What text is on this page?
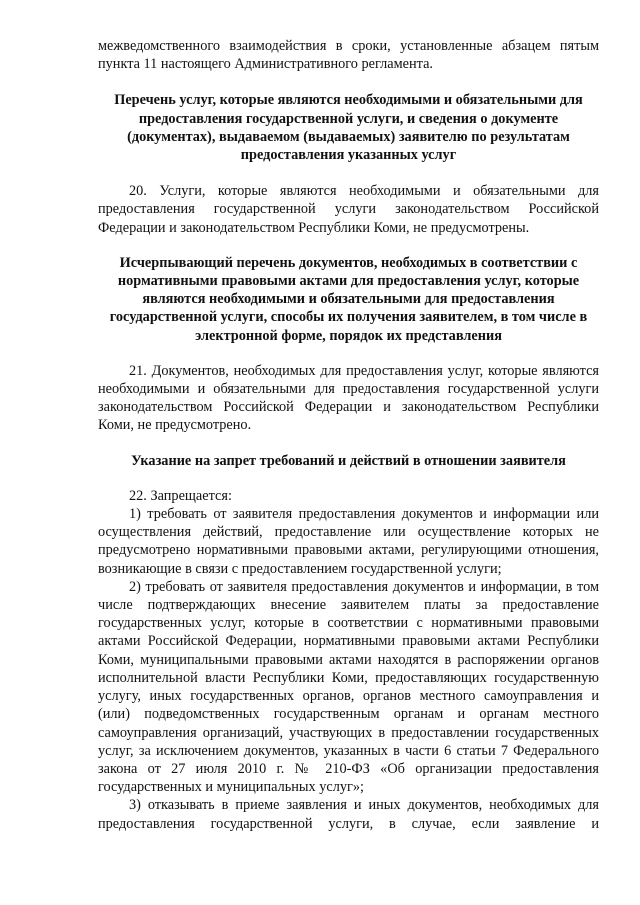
межведомственного взаимодействия в сроки, установленные абзацем пятым пункта 11 настоящего Административного регламента.

Перечень услуг, которые являются необходимыми и обязательными для предоставления государственной услуги, и сведения о документе (документах), выдаваемом (выдаваемых) заявителю по результатам предоставления указанных услуг

20. Услуги, которые являются необходимыми и обязательными для предоставления государственной услуги законодательством Российской Федерации и законодательством Республики Коми, не предусмотрены.

Исчерпывающий перечень документов, необходимых в соответствии с нормативными правовыми актами для предоставления услуг, которые являются необходимыми и обязательными для предоставления государственной услуги, способы их получения заявителем, в том числе в электронной форме, порядок их представления

21. Документов, необходимых для предоставления услуг, которые являются необходимыми и обязательными для предоставления государственной услуги законодательством Российской Федерации и законодательством Республики Коми, не предусмотрено.

Указание на запрет требований и действий в отношении заявителя

22. Запрещается:

1) требовать от заявителя предоставления документов и информации или осуществления действий, предоставление или осуществление которых не предусмотрено нормативными правовыми актами, регулирующими отношения, возникающие в связи с предоставлением государственной услуги;

2) требовать от заявителя предоставления документов и информации, в том числе подтверждающих внесение заявителем платы за предоставление государственных услуг, которые в соответствии с нормативными правовыми актами Российской Федерации, нормативными правовыми актами Республики Коми, муниципальными правовыми актами находятся в распоряжении органов исполнительной власти Республики Коми, предоставляющих государственную услугу, иных государственных органов, органов местного самоуправления и (или) подведомственных государственным органам и органам местного самоуправления организаций, участвующих в предоставлении государственных услуг, за исключением документов, указанных в части 6 статьи 7 Федерального закона от 27 июля 2010 г. № 210-ФЗ «Об организации предоставления государственных и муниципальных услуг»;

3) отказывать в приеме заявления и иных документов, необходимых для предоставления государственной услуги, в случае, если заявление и
